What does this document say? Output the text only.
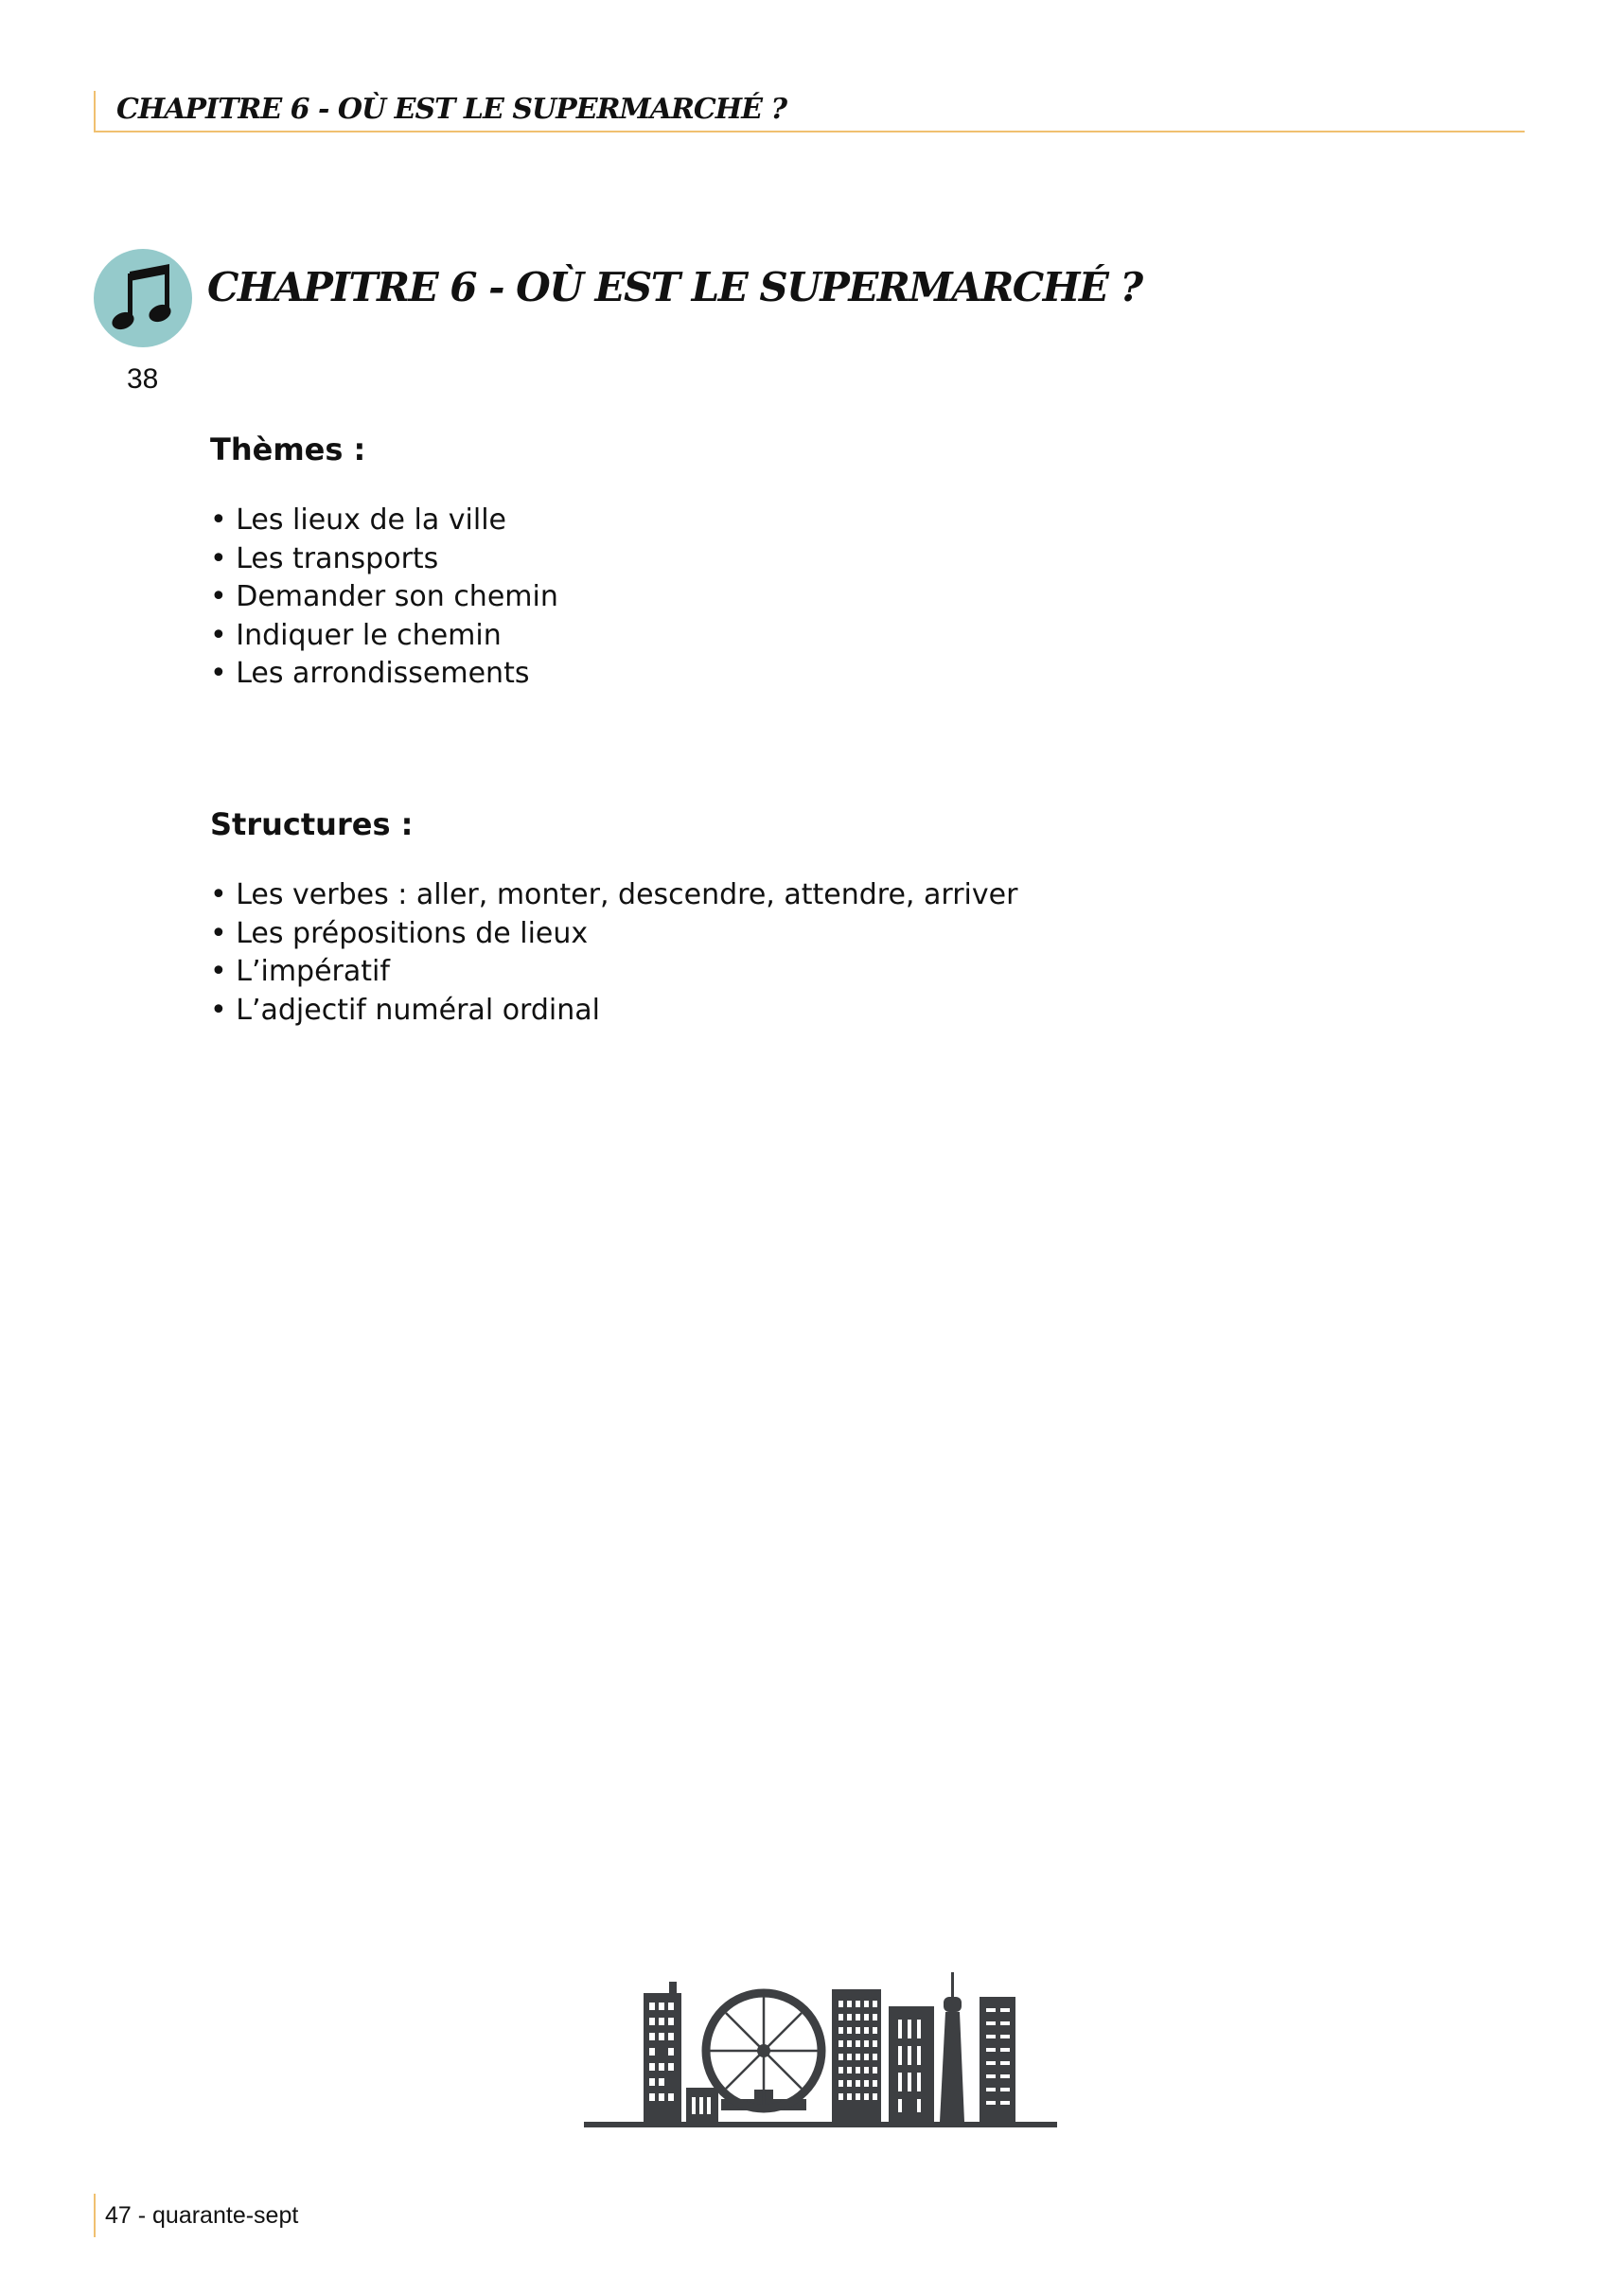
CHAPITRE 6 - OÙ EST LE SUPERMARCHÉ ?
CHAPITRE 6 - OÙ EST LE SUPERMARCHÉ ?
38
Thèmes :
• Les lieux de la ville
• Les transports
• Demander son chemin
• Indiquer le chemin
• Les arrondissements
Structures :
• Les verbes : aller, monter, descendre, attendre, arriver
• Les prépositions de lieux
• L’impératif
• L’adjectif numéral ordinal
47 - quarante-sept
